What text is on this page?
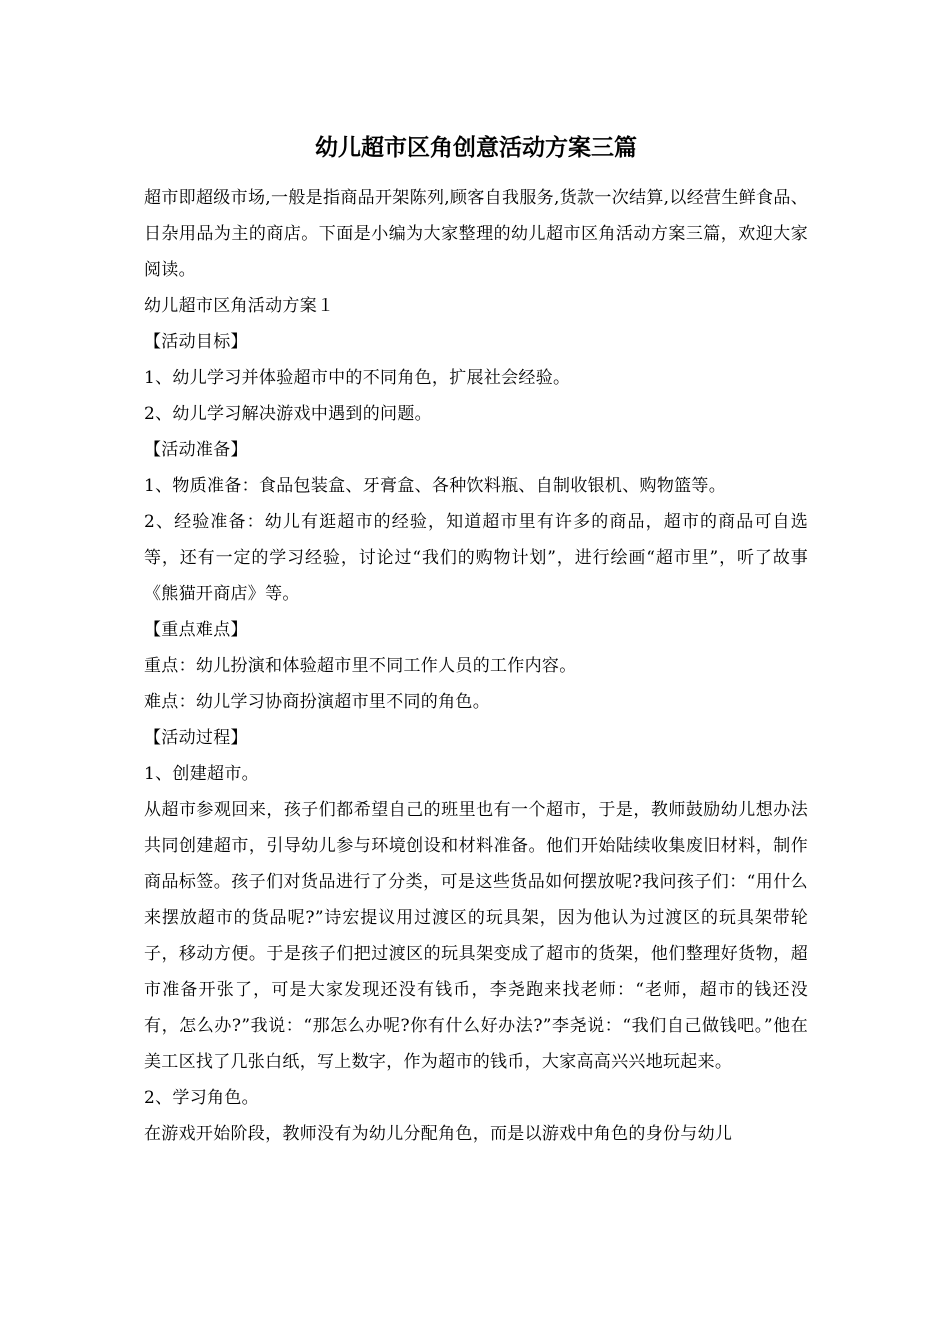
幼儿超市区角创意活动方案三篇

超市即超级市场,一般是指商品开架陈列,顾客自我服务,货款一次结算,以经营生鲜食品、日杂用品为主的商店。下面是小编为大家整理的幼儿超市区角活动方案三篇，欢迎大家阅读。

幼儿超市区角活动方案１

【活动目标】

1、幼儿学习并体验超市中的不同角色，扩展社会经验。

2、幼儿学习解决游戏中遇到的问题。

【活动准备】

1、物质准备：食品包装盒、牙膏盒、各种饮料瓶、自制收银机、购物篮等。

2、经验准备：幼儿有逛超市的经验，知道超市里有许多的商品，超市的商品可自选等，还有一定的学习经验，讨论过“我们的购物计划”，进行绘画“超市里”，听了故事《熊猫开商店》等。

【重点难点】

重点：幼儿扮演和体验超市里不同工作人员的工作内容。

难点：幼儿学习协商扮演超市里不同的角色。

【活动过程】

1、创建超市。

从超市参观回来，孩子们都希望自己的班里也有一个超市，于是，教师鼓励幼儿想办法共同创建超市，引导幼儿参与环境创设和材料准备。他们开始陆续收集废旧材料，制作商品标签。孩子们对货品进行了分类，可是这些货品如何摆放呢?我问孩子们：“用什么来摆放超市的货品呢?”诗宏提议用过渡区的玩具架，因为他认为过渡区的玩具架带轮子，移动方便。于是孩子们把过渡区的玩具架变成了超市的货架，他们整理好货物，超市准备开张了，可是大家发现还没有钱币，李尧跑来找老师：“老师，超市的钱还没有，怎么办?”我说：“那怎么办呢?你有什么好办法?”李尧说：“我们自己做钱吧。”他在美工区找了几张白纸，写上数字，作为超市的钱币，大家高高兴兴地玩起来。

2、学习角色。

在游戏开始阶段，教师没有为幼儿分配角色，而是以游戏中角色的身份与幼儿
